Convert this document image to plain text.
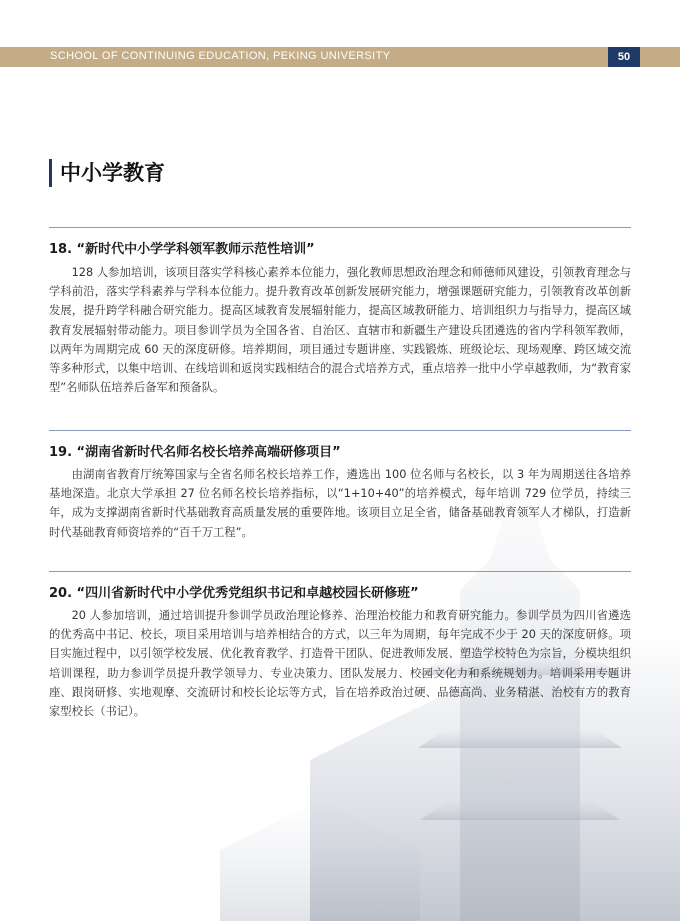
SCHOOL OF CONTINUING EDUCATION, PEKING UNIVERSITY	50
中小学教育
18. “新时代中小学学科领军教师示范性培训”

128 人参加培训，该项目落实学科核心素养本位能力，强化教师思想政治理念和师德师风建设，引领教育理念与学科前沿，落实学科素养与学科本位能力。提升教育改革创新发展研究能力，增强课题研究能力，引领教育改革创新发展，提升跨学科融合研究能力。提高区域教育发展辐射能力，提高区域教研能力、培训组织力与指导力，提高区域教育发展辐射带动能力。项目参训学员为全国各省、自治区、直辖市和新疆生产建设兵团遴选的省内学科领军教师，以两年为周期完成 60 天的深度研修。培养期间，项目通过专题讲座、实践锻炼、班级论坛、现场观摩、跨区域交流等多种形式，以集中培训、在线培训和返岗实践相结合的混合式培养方式，重点培养一批中小学卓越教师，为“教育家型”名师队伍培养后备军和预备队。

19. “湖南省新时代名师名校长培养高端研修项目”

由湖南省教育厅统筹国家与全省名师名校长培养工作，遴选出 100 位名师与名校长，以 3 年为周期送往各培养基地深造。北京大学承担 27 位名师名校长培养指标，以“1+10+40”的培养模式，每年培训 729 位学员，持续三年，成为支撑湖南省新时代基础教育高质量发展的重要阵地。该项目立足全省，储备基础教育领军人才梯队，打造新时代基础教育师资培养的“百千万工程”。

20. “四川省新时代中小学优秀党组织书记和卓越校园长研修班”

20 人参加培训，通过培训提升参训学员政治理论修养、治理治校能力和教育研究能力。参训学员为四川省遴选的优秀高中书记、校长，项目采用培训与培养相结合的方式，以三年为周期，每年完成不少于 20 天的深度研修。项目实施过程中，以引领学校发展、优化教育教学、打造骨干团队、促进教师发展、塑造学校特色为宗旨，分模块组织培训课程，助力参训学员提升教学领导力、专业决策力、团队发展力、校园文化力和系统规划力。培训采用专题讲座、跟岗研修、实地观摩、交流研讨和校长论坛等方式，旨在培养政治过硬、品德高尚、业务精湛、治校有方的教育家型校长（书记）。
